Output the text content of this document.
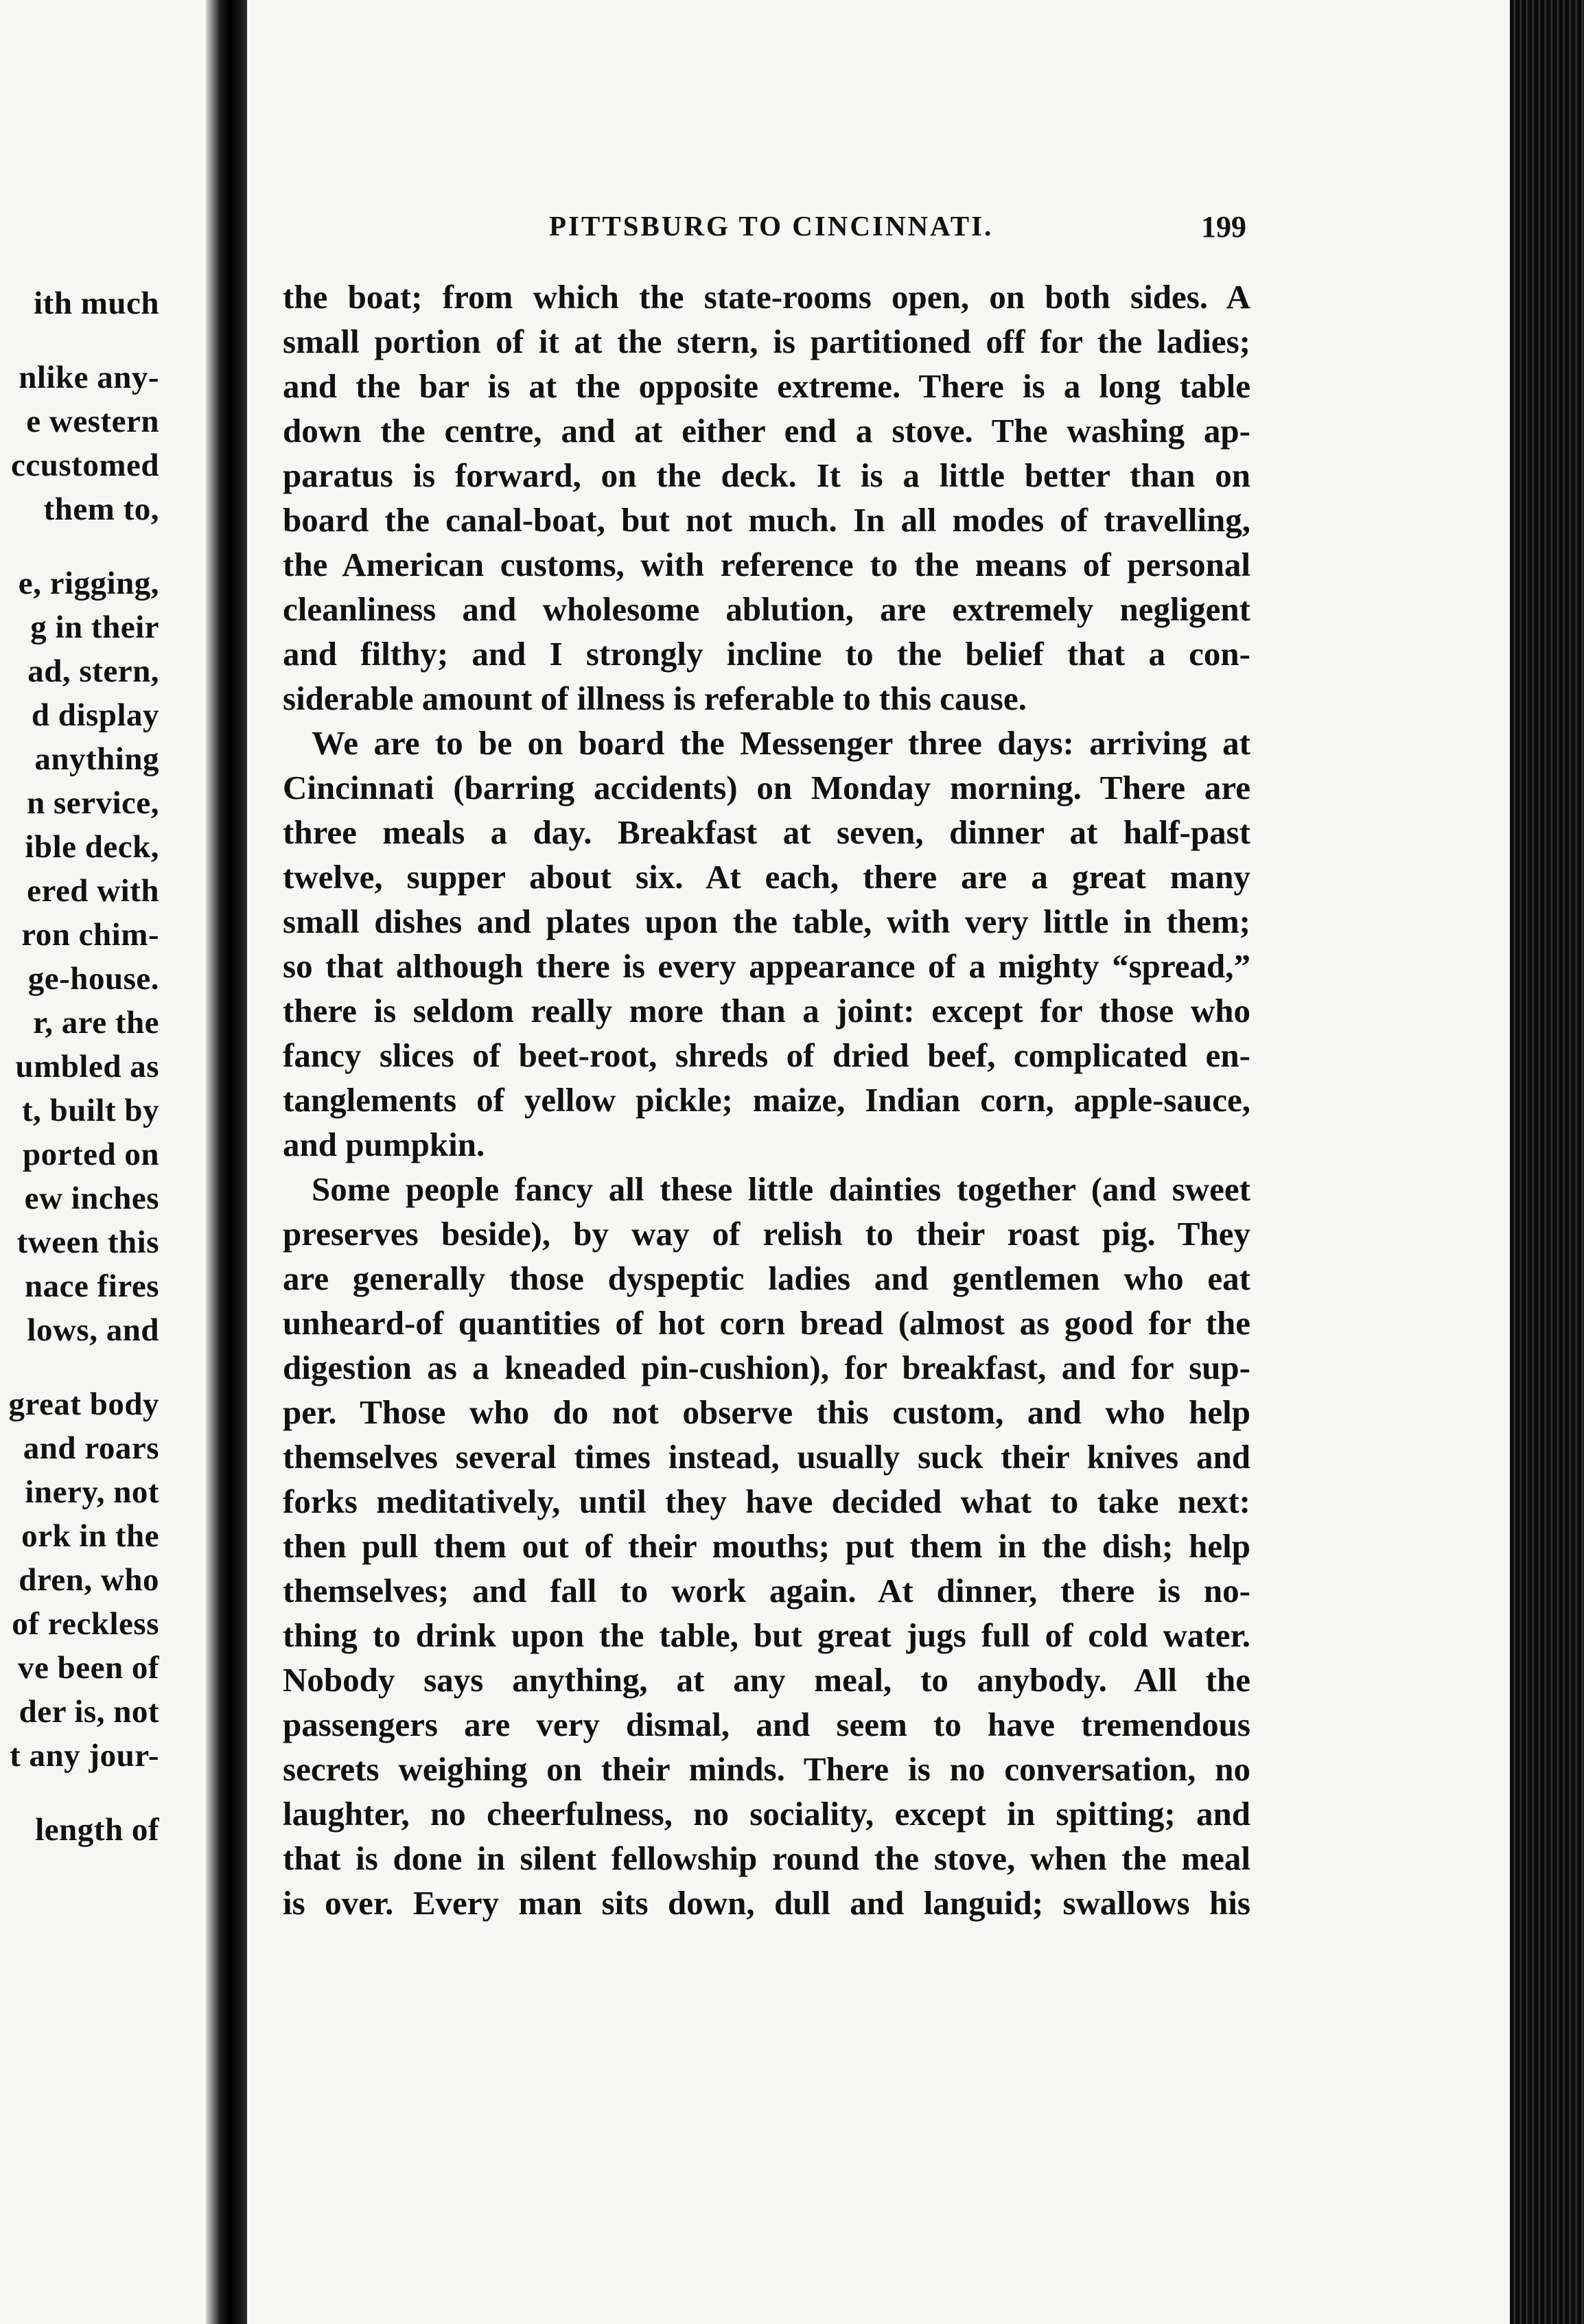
ith much
nlike any-
e western
ccustomed
them to,
e, rigging,
g in their
ad, stern,
d display
anything
n service,
ible deck,
ered with
ron chim-
ge-house.
r, are the
umbled as
t, built by
ported on
ew inches
tween this
nace fires
lows, and
great body
and roars
inery, not
ork in the
dren, who
of reckless
ve been of
der is, not
t any jour-
length of
PITTSBURG TO CINCINNATI.	199
the boat; from which the state-rooms open, on both sides. A
small portion of it at the stern, is partitioned off for the ladies;
and the bar is at the opposite extreme. There is a long table
down the centre, and at either end a stove. The washing ap-
paratus is forward, on the deck. It is a little better than on
board the canal-boat, but not much. In all modes of travelling,
the American customs, with reference to the means of personal
cleanliness and wholesome ablution, are extremely negligent
and filthy; and I strongly incline to the belief that a con-
siderable amount of illness is referable to this cause.
We are to be on board the Messenger three days: arriving at
Cincinnati (barring accidents) on Monday morning. There are
three meals a day. Breakfast at seven, dinner at half-past
twelve, supper about six. At each, there are a great many
small dishes and plates upon the table, with very little in them;
so that although there is every appearance of a mighty “spread,”
there is seldom really more than a joint: except for those who
fancy slices of beet-root, shreds of dried beef, complicated en-
tanglements of yellow pickle; maize, Indian corn, apple-sauce,
and pumpkin.
Some people fancy all these little dainties together (and sweet
preserves beside), by way of relish to their roast pig. They
are generally those dyspeptic ladies and gentlemen who eat
unheard-of quantities of hot corn bread (almost as good for the
digestion as a kneaded pin-cushion), for breakfast, and for sup-
per. Those who do not observe this custom, and who help
themselves several times instead, usually suck their knives and
forks meditatively, until they have decided what to take next:
then pull them out of their mouths; put them in the dish; help
themselves; and fall to work again. At dinner, there is no-
thing to drink upon the table, but great jugs full of cold water.
Nobody says anything, at any meal, to anybody. All the
passengers are very dismal, and seem to have tremendous
secrets weighing on their minds. There is no conversation, no
laughter, no cheerfulness, no sociality, except in spitting; and
that is done in silent fellowship round the stove, when the meal
is over. Every man sits down, dull and languid; swallows his
